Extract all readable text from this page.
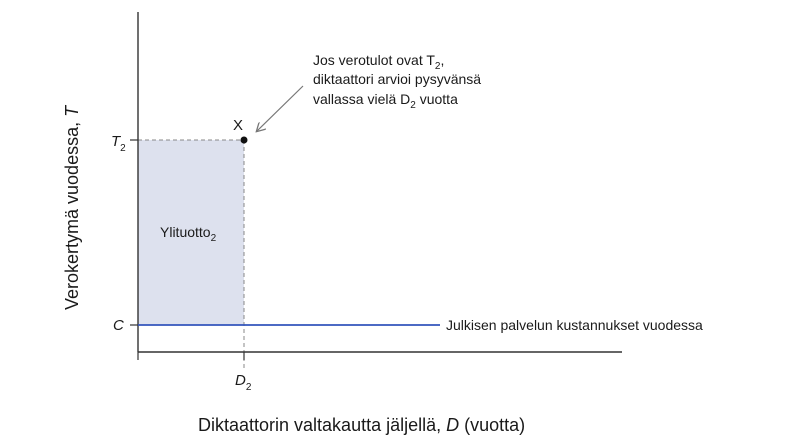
$T_2$
C
$D_2$
X
Ylituotto$_2$
Jos verotulot ovat $T_2$,
diktaattori arvioi pysyvänsä
vallassa vielä $D_2$ vuotta
Julkisen palvelun kustannukset vuodessa
Diktaattorin valtakautta jäljellä, D (vuotta)
Verokertymä vuodessa, T
